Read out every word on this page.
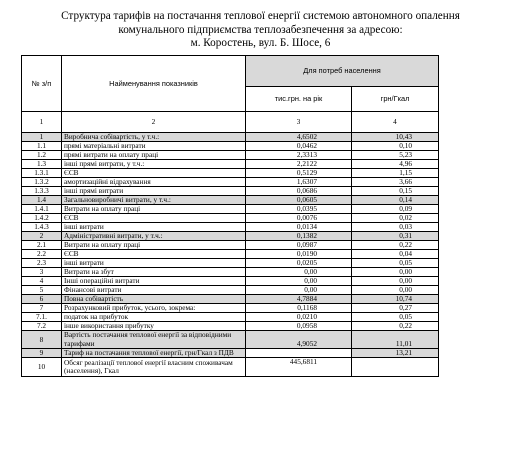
Структура тарифів на постачання теплової енергії системою автономного опалення
комунального підприємства теплозабезпечення за адресою:
м. Коростень, вул. Б. Шосе, 6
№ з/п	Найменування показників	Для потреб населення	
		тис.грн. на рік	грн/Гкал
1	2	3	4
1	Виробнича собівартість, у т.ч.:	4,6502	10,43
1.1	прямі матеріальні витрати	0,0462	0,10
1.2	прямі витрати на оплату праці	2,3313	5,23
1.3	інші прямі витрати, у т.ч.:	2,2122	4,96
1.3.1	ЄСВ	0,5129	1,15
1.3.2	амортизаційні відрахування	1,6307	3,66
1.3.3	інші прямі витрати	0,0686	0,15
1.4	Загальновиробничі витрати, у т.ч.:	0,0605	0,14
1.4.1	Витрати на оплату праці	0,0395	0,09
1.4.2	ЄСВ	0,0076	0,02
1.4.3	інші витрати	0,0134	0,03
2	Адміністративні витрати, у т.ч.:	0,1382	0,31
2.1	Витрати на оплату праці	0,0987	0,22
2.2	ЄСВ	0,0190	0,04
2.3	інші витрати	0,0205	0,05
3	Витрати на збут	0,00	0,00
4	Інші операційні витрати	0,00	0,00
5	Фінансові витрати	0,00	0,00
6	Повна собівартість	4,7884	10,74
7	Розрахунковий прибуток, усього, зокрема:	0,1168	0,27
7.1.	податок на прибуток	0,0210	0,05
7.2	інше використання прибутку	0,0958	0,22
8	Вартість постачання теплової енергії за відповідними
тарифами	4,9052	11,01
9	Тариф на постачання теплової енергії, грн/Гкал з ПДВ		13,21
10	Обсяг реалізації теплової енергії власним споживачам
(населення), Гкал	445,6811	
